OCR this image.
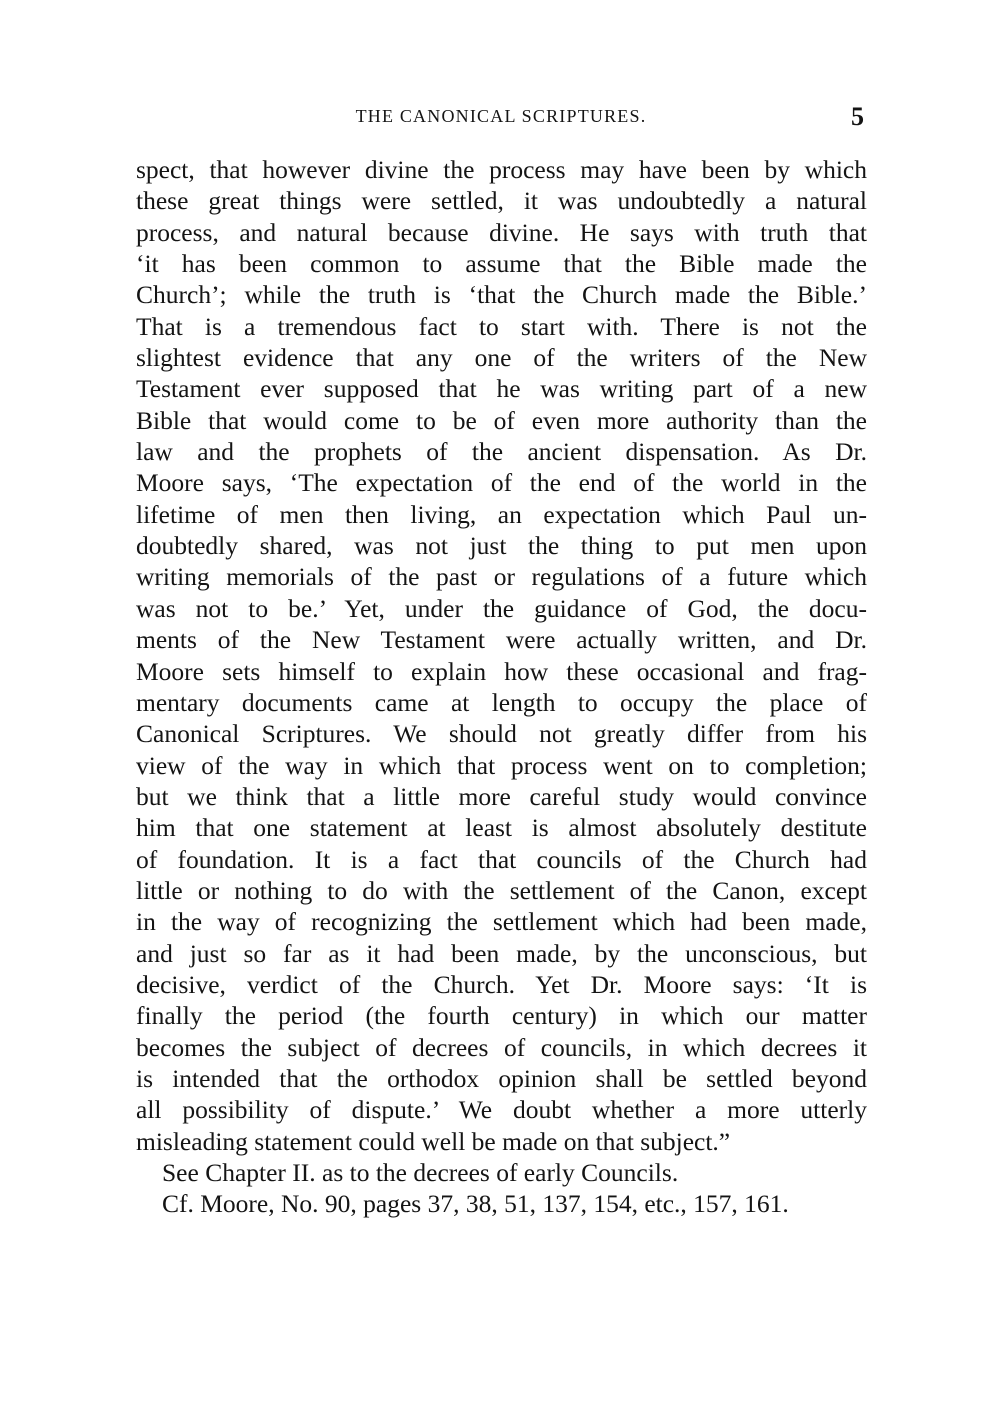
THE CANONICAL SCRIPTURES.	5
spect, that however divine the process may have been by which
these great things were settled, it was undoubtedly a natural
process, and natural because divine. He says with truth that
‘it has been common to assume that the Bible made the
Church’; while the truth is ‘that the Church made the Bible.’
That is a tremendous fact to start with. There is not the
slightest evidence that any one of the writers of the New
Testament ever supposed that he was writing part of a new
Bible that would come to be of even more authority than the
law and the prophets of the ancient dispensation. As Dr.
Moore says, ‘The expectation of the end of the world in the
lifetime of men then living, an expectation which Paul un-
doubtedly shared, was not just the thing to put men upon
writing memorials of the past or regulations of a future which
was not to be.’ Yet, under the guidance of God, the docu-
ments of the New Testament were actually written, and Dr.
Moore sets himself to explain how these occasional and frag-
mentary documents came at length to occupy the place of
Canonical Scriptures. We should not greatly differ from his
view of the way in which that process went on to completion;
but we think that a little more careful study would convince
him that one statement at least is almost absolutely destitute
of foundation. It is a fact that councils of the Church had
little or nothing to do with the settlement of the Canon, except
in the way of recognizing the settlement which had been made,
and just so far as it had been made, by the unconscious, but
decisive, verdict of the Church. Yet Dr. Moore says: ‘It is
finally the period (the fourth century) in which our matter
becomes the subject of decrees of councils, in which decrees it
is intended that the orthodox opinion shall be settled beyond
all possibility of dispute.’ We doubt whether a more utterly
misleading statement could well be made on that subject.”
See Chapter II. as to the decrees of early Councils.
Cf. Moore, No. 90, pages 37, 38, 51, 137, 154, etc., 157, 161.
